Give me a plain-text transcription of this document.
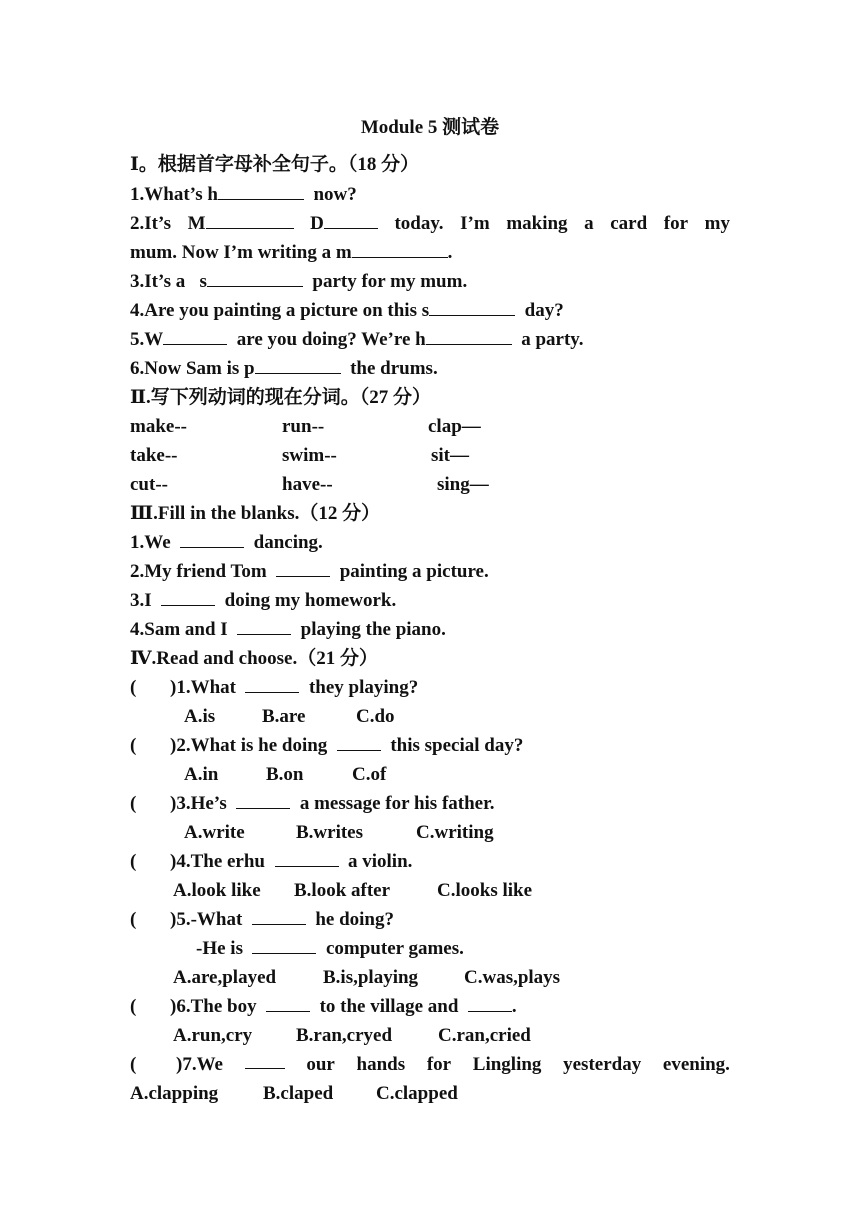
Module 5 测试卷
Ⅰ。根据首字母补全句子。（18 分）
1.What’s h	now?
2.It’s M	D	today. I’m making a card for my
mum. Now I’m writing a m	.
3.It’s a s	party for my mum.
4.Are you painting a picture on this s	day?
5.W	are you doing? We’re h	a party.
6.Now Sam is p	the drums.
Ⅱ.写下列动词的现在分词。（27 分）
make--	run--	clap—
take--	swim--	sit—
cut--	have--	sing—
Ⅲ.Fill in the blanks.（12 分）
1.We	dancing.
2.My friend Tom	painting a picture.
3.I	doing my homework.
4.Sam and I	playing the piano.
Ⅳ.Read and choose.（21 分）
( )1.What	they playing?
A.is B.are	C.do
( )2.What is he doing	this special day?
A.in	B.on	C.of
( )3.He’s	a message for his father.
A.write	B.writes	C.writing
( )4.The erhu	a violin.
A.look like B.look after C.looks like
( )5.-What	he doing?
-He is	computer games.
A.are,played B.is,playing C.was,plays
( )6.The boy	to the village and	.
A.run,cry B.ran,cryed C.ran,cried
( )7.We	our hands for Lingling yesterday evening.
A.clapping B.claped C.clapped
